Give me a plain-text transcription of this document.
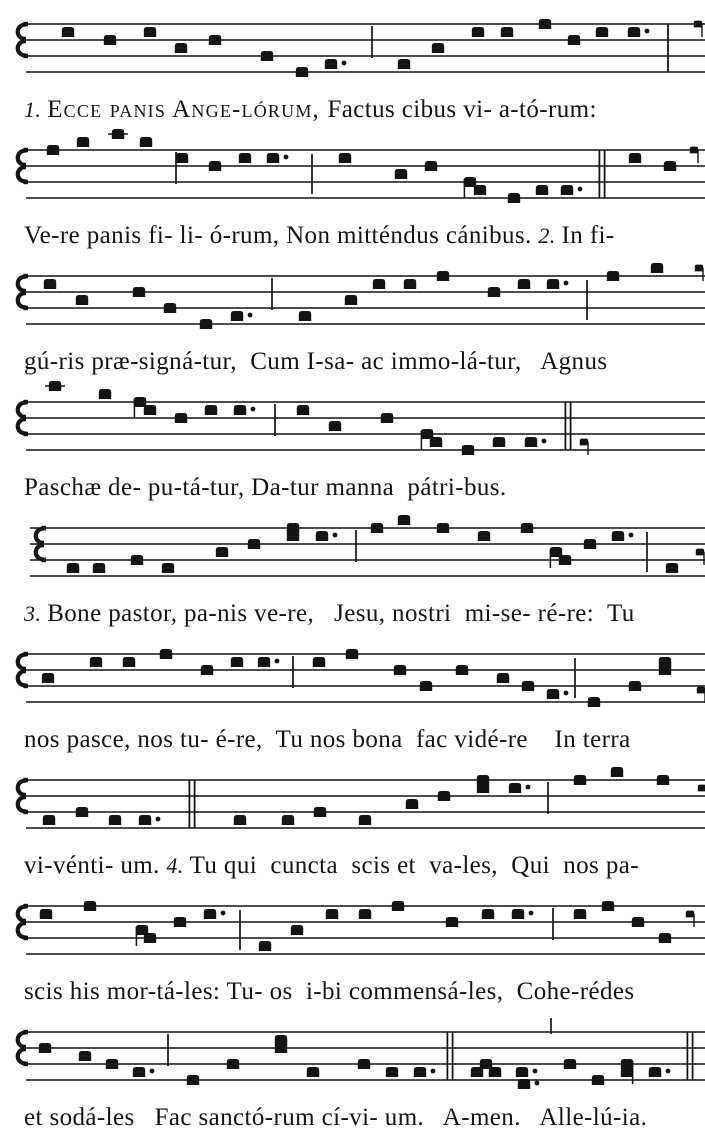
1. Ecce panis Ange-lórum, Factus cibus vi- a-tó-rum:
Ve-re panis fi- li- ó-rum, Non mitténdus cánibus. 2. In fi-
gú-ris præ-signá-tur,  Cum I-sa- ac immo-lá-tur,   Agnus
Paschæ de- pu-tá-tur, Da-tur manna  pátri-bus.
3. Bone pastor, pa-nis ve-re,   Jesu, nostri  mi-se- ré-re:  Tu
nos pasce, nos tu- é-re,  Tu nos bona  fac vidé-re    In terra
vi-vénti- um. 4. Tu qui  cuncta  scis et  va-les,  Qui  nos pa-
scis his mor-tá-les: Tu- os  i-bi commensá-les,  Cohe-rédes
et sodá-les   Fac sanctó-rum cí-vi- um.   A-men.   Alle-lú-ia.
